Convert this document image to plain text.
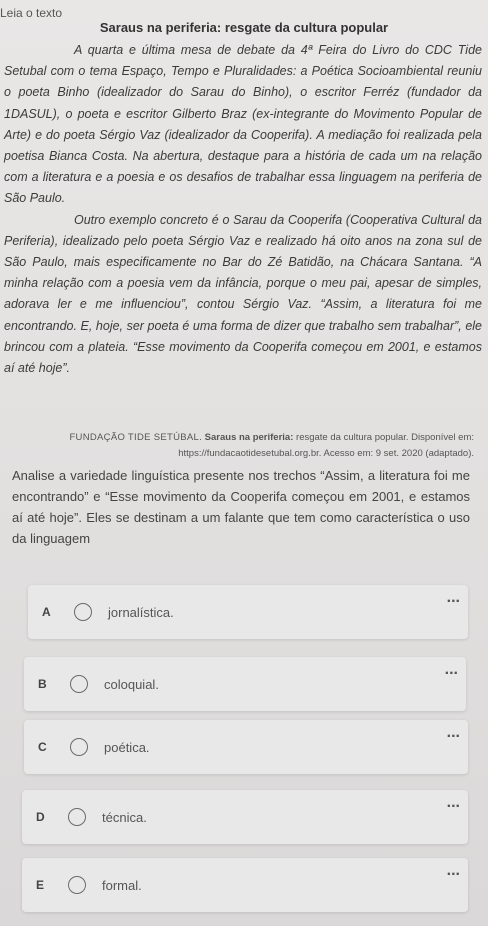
Leia o texto
Saraus na periferia: resgate da cultura popular

A quarta e última mesa de debate da 4ª Feira do Livro do CDC Tide Setubal com o tema Espaço, Tempo e Pluralidades: a Poética Socioambiental reuniu o poeta Binho (idealizador do Sarau do Binho), o escritor Ferréz (fundador da 1DASUL), o poeta e escritor Gilberto Braz (ex-integrante do Movimento Popular de Arte) e do poeta Sérgio Vaz (idealizador da Cooperifa). A mediação foi realizada pela poetisa Bianca Costa. Na abertura, destaque para a história de cada um na relação com a literatura e a poesia e os desafios de trabalhar essa linguagem na periferia de São Paulo.

Outro exemplo concreto é o Sarau da Cooperifa (Cooperativa Cultural da Periferia), idealizado pelo poeta Sérgio Vaz e realizado há oito anos na zona sul de São Paulo, mais especificamente no Bar do Zé Batidão, na Chácara Santana. “A minha relação com a poesia vem da infância, porque o meu pai, apesar de simples, adorava ler e me influenciou”, contou Sérgio Vaz. “Assim, a literatura foi me encontrando. E, hoje, ser poeta é uma forma de dizer que trabalho sem trabalhar”, ele brincou com a plateia. “Esse movimento da Cooperifa começou em 2001, e estamos aí até hoje”.

FUNDAÇÃO TIDE SETÚBAL. Saraus na periferia: resgate da cultura popular. Disponível em:
https://fundacaotidesetubal.org.br. Acesso em: 9 set. 2020 (adaptado).
Analise a variedade linguística presente nos trechos “Assim, a literatura foi me encontrando” e “Esse movimento da Cooperifa começou em 2001, e estamos aí até hoje”. Eles se destinam a um falante que tem como característica o uso da linguagem
A	jornalística.
...
B	coloquial.
...
C	poética.
...
D	técnica.
...
E	formal.
...
